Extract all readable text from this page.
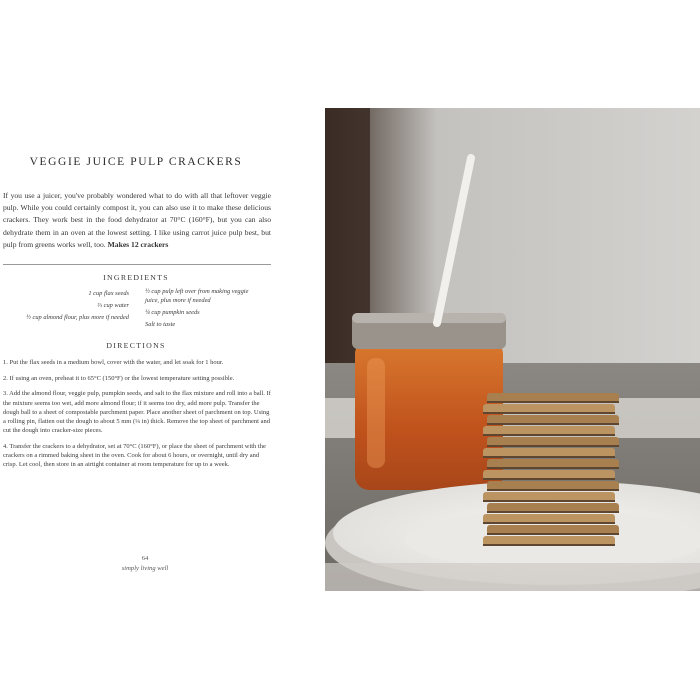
VEGGIE JUICE PULP CRACKERS
If you use a juicer, you've probably wondered what to do with all that leftover veggie pulp. While you could certainly compost it, you can also use it to make these delicious crackers. They work best in the food dehydrator at 70°C (160°F), but you can also dehydrate them in an oven at the lowest setting. I like using carrot juice pulp best, but pulp from greens works well, too. Makes 12 crackers
INGREDIENTS
1 cup flax seeds
⅔ cup water
½ cup almond flour, plus more if needed
½ cup pulp left over from making veggie juice, plus more if needed
¼ cup pumpkin seeds
Salt to taste
DIRECTIONS

1. Put the flax seeds in a medium bowl, cover with the water, and let soak for 1 hour.

2. If using an oven, preheat it to 65°C (150°F) or the lowest temperature setting possible.

3. Add the almond flour, veggie pulp, pumpkin seeds, and salt to the flax mixture and roll into a ball. If the mixture seems too wet, add more almond flour; if it seems too dry, add more pulp. Transfer the dough ball to a sheet of compostable parchment paper. Place another sheet of parchment on top. Using a rolling pin, flatten out the dough to about 5 mm (¼ in) thick. Remove the top sheet of parchment and cut the dough into cracker-size pieces.

4. Transfer the crackers to a dehydrator, set at 70°C (160°F), or place the sheet of parchment with the crackers on a rimmed baking sheet in the oven. Cook for about 6 hours, or overnight, until dry and crisp. Let cool, then store in an airtight container at room temperature for up to a week.

64
simply living well
